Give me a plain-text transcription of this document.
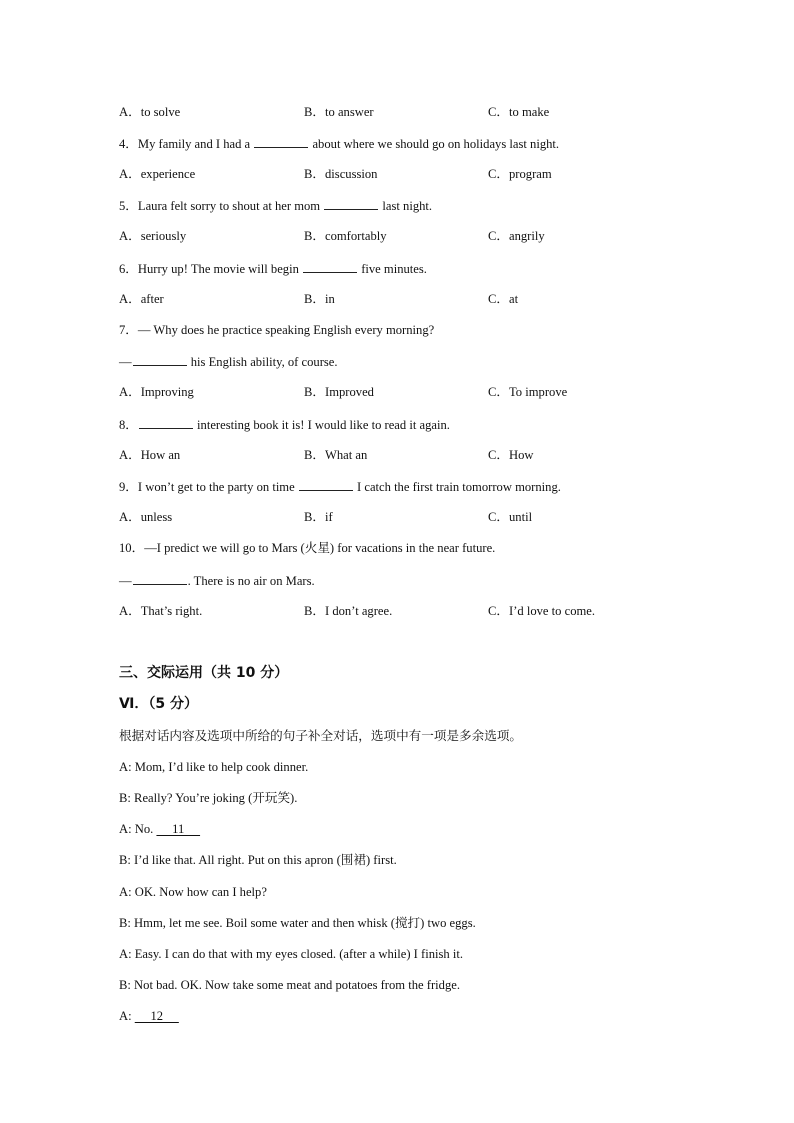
A．to solve	B．to answer	C．to make
4．My family and I had a	about where we should go on holidays last night.
A．experience	B．discussion	C．program
5．Laura felt sorry to shout at her mom	last night.
A．seriously	B．comfortably	C．angrily
6．Hurry up! The movie will begin	five minutes.
A．after	B．in	C．at
7．— Why does he practice speaking English every morning?
—	his English ability, of course.
A．Improving	B．Improved	C．To improve
8．	interesting book it is! I would like to read it again.
A．How an	B．What an	C．How
9．I won’t get to the party on time	I catch the first train tomorrow morning.
A．unless	B．if	C．until
10．—I predict we will go to Mars (火星) for vacations in the near future.
—	. There is no air on Mars.
A．That’s right.	B．I don’t agree.	C．I’d love to come.
三、交际运用（共 10 分）
Ⅵ．（5 分）
根据对话内容及选项中所给的句子补全对话，选项中有一项是多余选项。
A: Mom, I’d like to help cook dinner.
B: Really? You’re joking (开玩笑).
A: No.      11
B: I’d like that. All right. Put on this apron (围裙) first.
A: OK. Now how can I help?
B: Hmm, let me see. Boil some water and then whisk (搅打) two eggs.
A: Easy. I can do that with my eyes closed. (after a while) I finish it.
B: Not bad. OK. Now take some meat and potatoes from the fridge.
A:      12
